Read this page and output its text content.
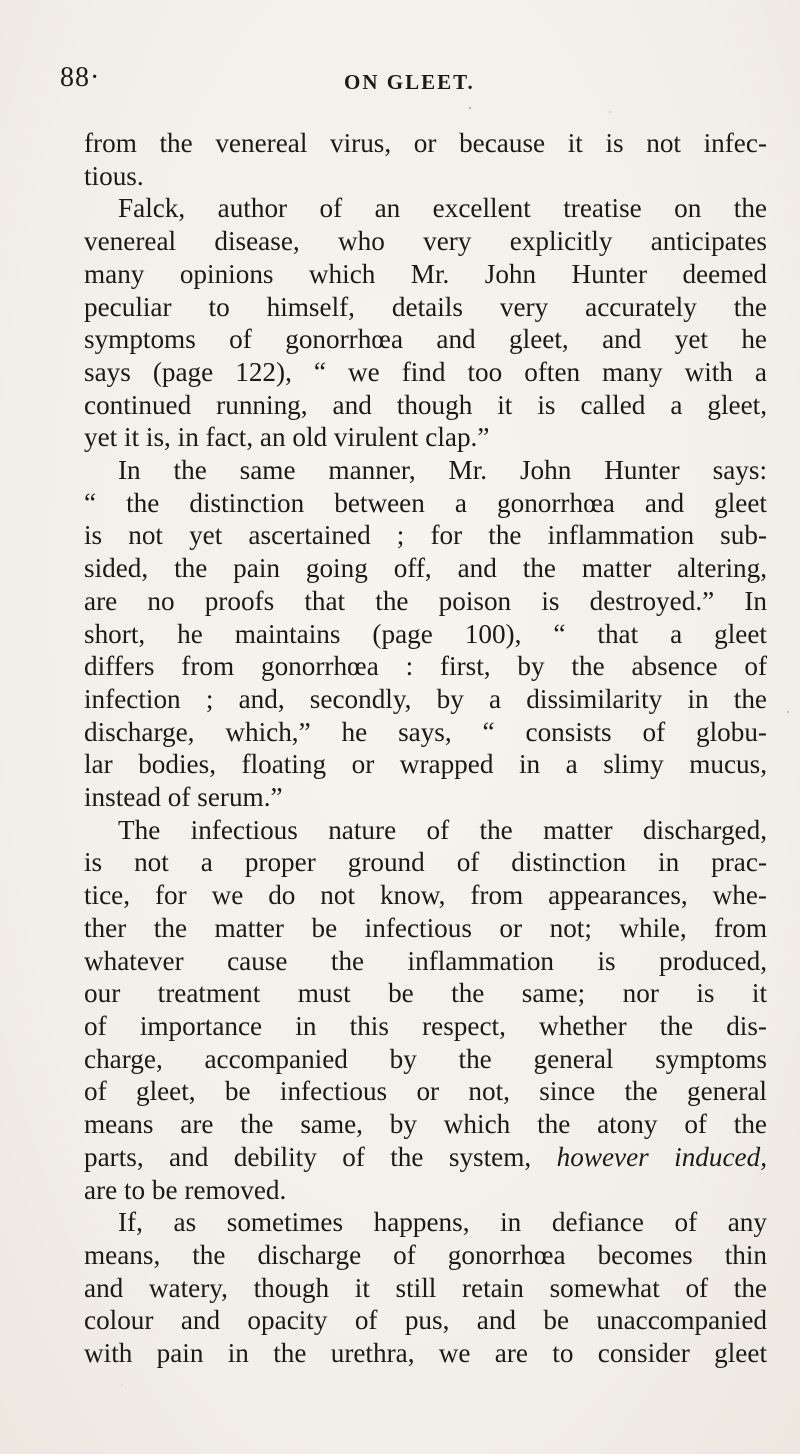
88·	ON GLEET.
from the venereal virus, or because it is not infec-
tious.
Falck, author of an excellent treatise on the
venereal disease, who very explicitly anticipates
many opinions which Mr. John Hunter deemed
peculiar to himself, details very accurately the
symptoms of gonorrhœa and gleet, and yet he
says (page 122), “ we find too often many with a
continued running, and though it is called a gleet,
yet it is, in fact, an old virulent clap.”
In the same manner, Mr. John Hunter says:
“ the distinction between a gonorrhœa and gleet
is not yet ascertained ; for the inflammation sub-
sided, the pain going off, and the matter altering,
are no proofs that the poison is destroyed.” In
short, he maintains (page 100), “ that a gleet
differs from gonorrhœa : first, by the absence of
infection ; and, secondly, by a dissimilarity in the
discharge, which,” he says, “ consists of globu-
lar bodies, floating or wrapped in a slimy mucus,
instead of serum.”
The infectious nature of the matter discharged,
is not a proper ground of distinction in prac-
tice, for we do not know, from appearances, whe-
ther the matter be infectious or not; while, from
whatever cause the inflammation is produced,
our treatment must be the same; nor is it
of importance in this respect, whether the dis-
charge, accompanied by the general symptoms
of gleet, be infectious or not, since the general
means are the same, by which the atony of the
parts, and debility of the system, however induced,
are to be removed.
If, as sometimes happens, in defiance of any
means, the discharge of gonorrhœa becomes thin
and watery, though it still retain somewhat of the
colour and opacity of pus, and be unaccompanied
with pain in the urethra, we are to consider gleet
